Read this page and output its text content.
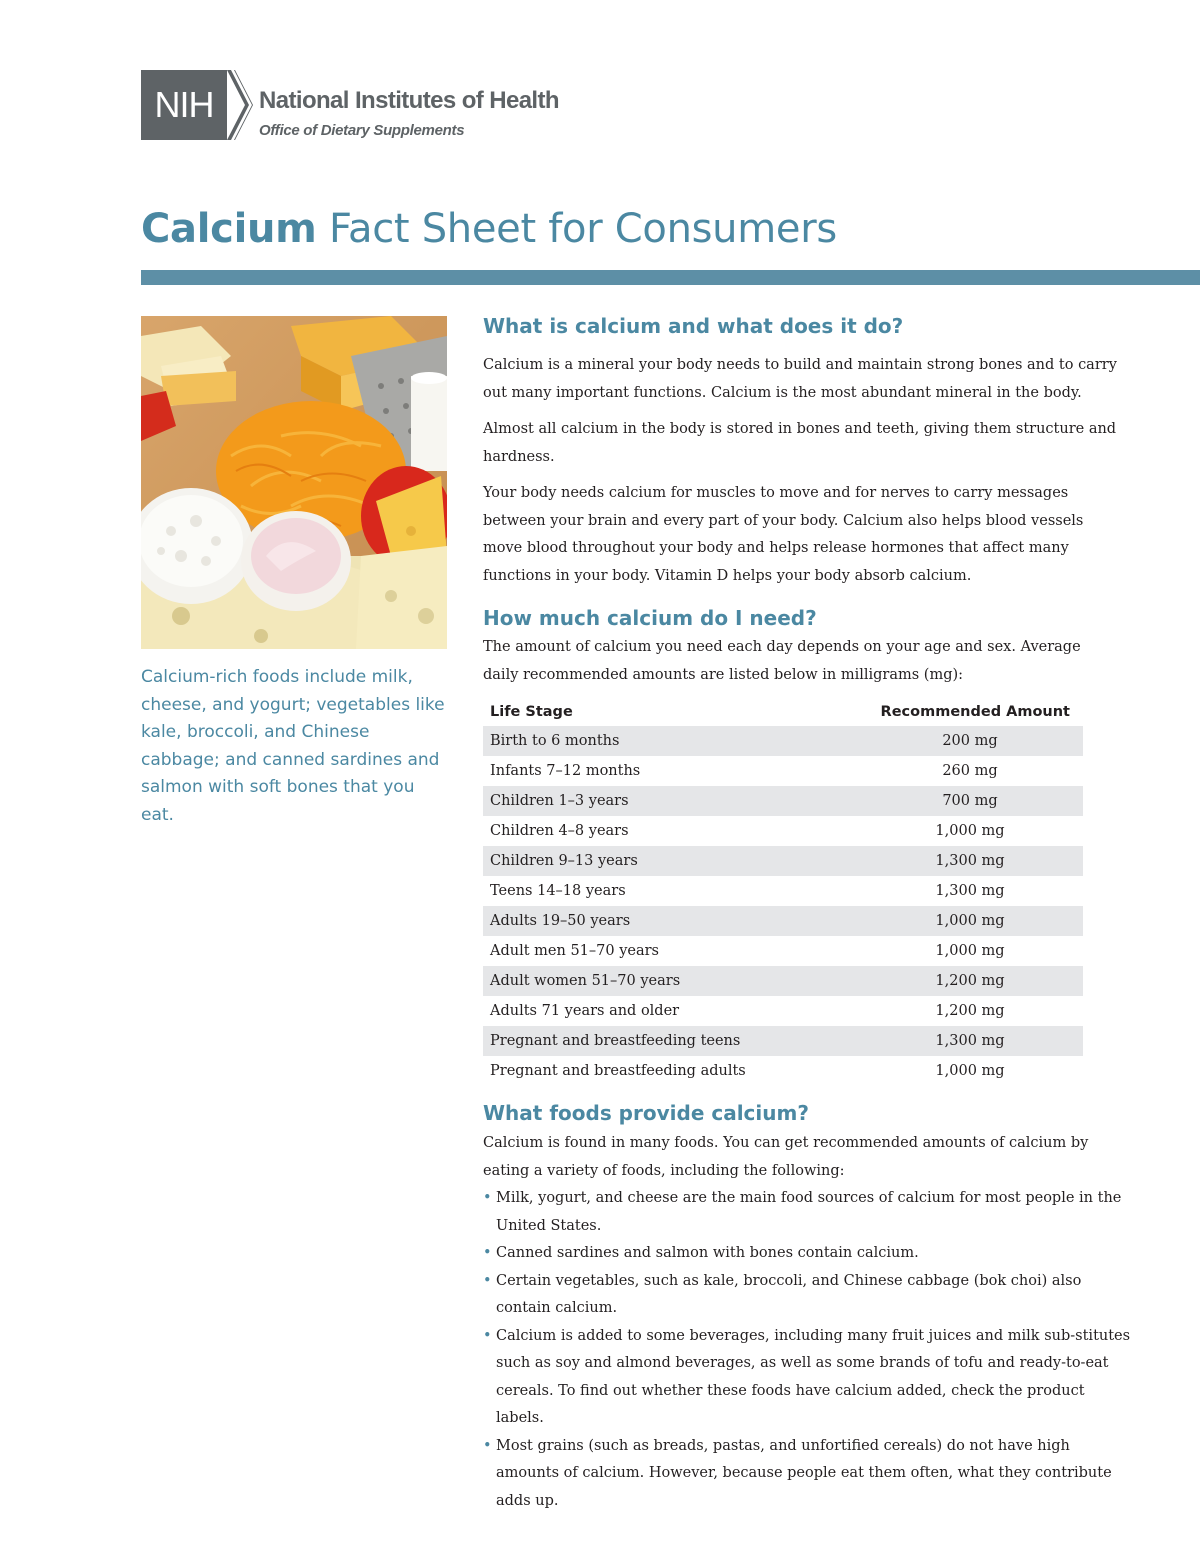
NIH	National Institutes of Health
Office of Dietary Supplements
Calcium Fact Sheet for Consumers
Calcium-rich foods include milk, cheese, and yogurt; vegetables like kale, broccoli, and Chinese cabbage; and canned sardines and salmon with soft bones that you eat.
What is calcium and what does it do?

Calcium is a mineral your body needs to build and maintain strong bones and to carry out many important functions. Calcium is the most abundant mineral in the body.

Almost all calcium in the body is stored in bones and teeth, giving them structure and hardness.

Your body needs calcium for muscles to move and for nerves to carry messages between your brain and every part of your body. Calcium also helps blood vessels move blood throughout your body and helps release hormones that affect many functions in your body. Vitamin D helps your body absorb calcium.

How much calcium do I need?

The amount of calcium you need each day depends on your age and sex. Average daily recommended amounts are listed below in milligrams (mg):

Life Stage	Recommended Amount
Birth to 6 months	200 mg
Infants 7–12 months	260 mg
Children 1–3 years	700 mg
Children 4–8 years	1,000 mg
Children 9–13 years	1,300 mg
Teens 14–18 years	1,300 mg
Adults 19–50 years	1,000 mg
Adult men 51–70 years	1,000 mg
Adult women 51–70 years	1,200 mg
Adults 71 years and older	1,200 mg
Pregnant and breastfeeding teens	1,300 mg
Pregnant and breastfeeding adults	1,000 mg
What foods provide calcium?

Calcium is found in many foods. You can get recommended amounts of calcium by eating a variety of foods, including the following:

• Milk, yogurt, and cheese are the main food sources of calcium for most people in the United States.
• Canned sardines and salmon with bones contain calcium.
• Certain vegetables, such as kale, broccoli, and Chinese cabbage (bok choi) also contain calcium.
• Calcium is added to some beverages, including many fruit juices and milk sub-stitutes such as soy and almond beverages, as well as some brands of tofu and ready-to-eat cereals. To find out whether these foods have calcium added, check the product labels.
• Most grains (such as breads, pastas, and unfortified cereals) do not have high amounts of calcium. However, because people eat them often, what they contribute adds up.
